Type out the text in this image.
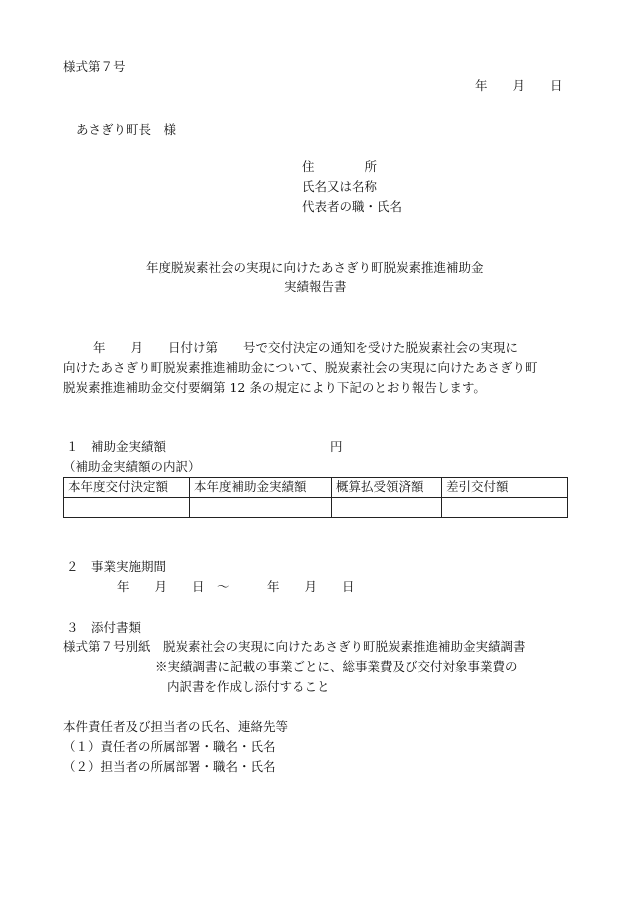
様式第７号
年　　月　　日
あさぎり町長　様
住　　　　所
氏名又は名称
代表者の職・氏名
年度脱炭素社会の実現に向けたあさぎり町脱炭素推進補助金
実績報告書
　　年　　月　　日付け第　　号で交付決定の通知を受けた脱炭素社会の実現に
向けたあさぎり町脱炭素推進補助金について、脱炭素社会の実現に向けたあさぎり町
脱炭素推進補助金交付要綱第 12 条の規定により下記のとおり報告します。
１　補助金実績額	円
（補助金実績額の内訳）
本年度交付決定額	本年度補助金実績額	概算払受領済額	差引交付額

２　事業実施期間
年　　月　　日　～　　　年　　月　　日
３　添付書類
様式第７号別紙　脱炭素社会の実現に向けたあさぎり町脱炭素推進補助金実績調書
※実績調書に記載の事業ごとに、総事業費及び交付対象事業費の
内訳書を作成し添付すること
本件責任者及び担当者の氏名、連絡先等
（１）責任者の所属部署・職名・氏名
（２）担当者の所属部署・職名・氏名
